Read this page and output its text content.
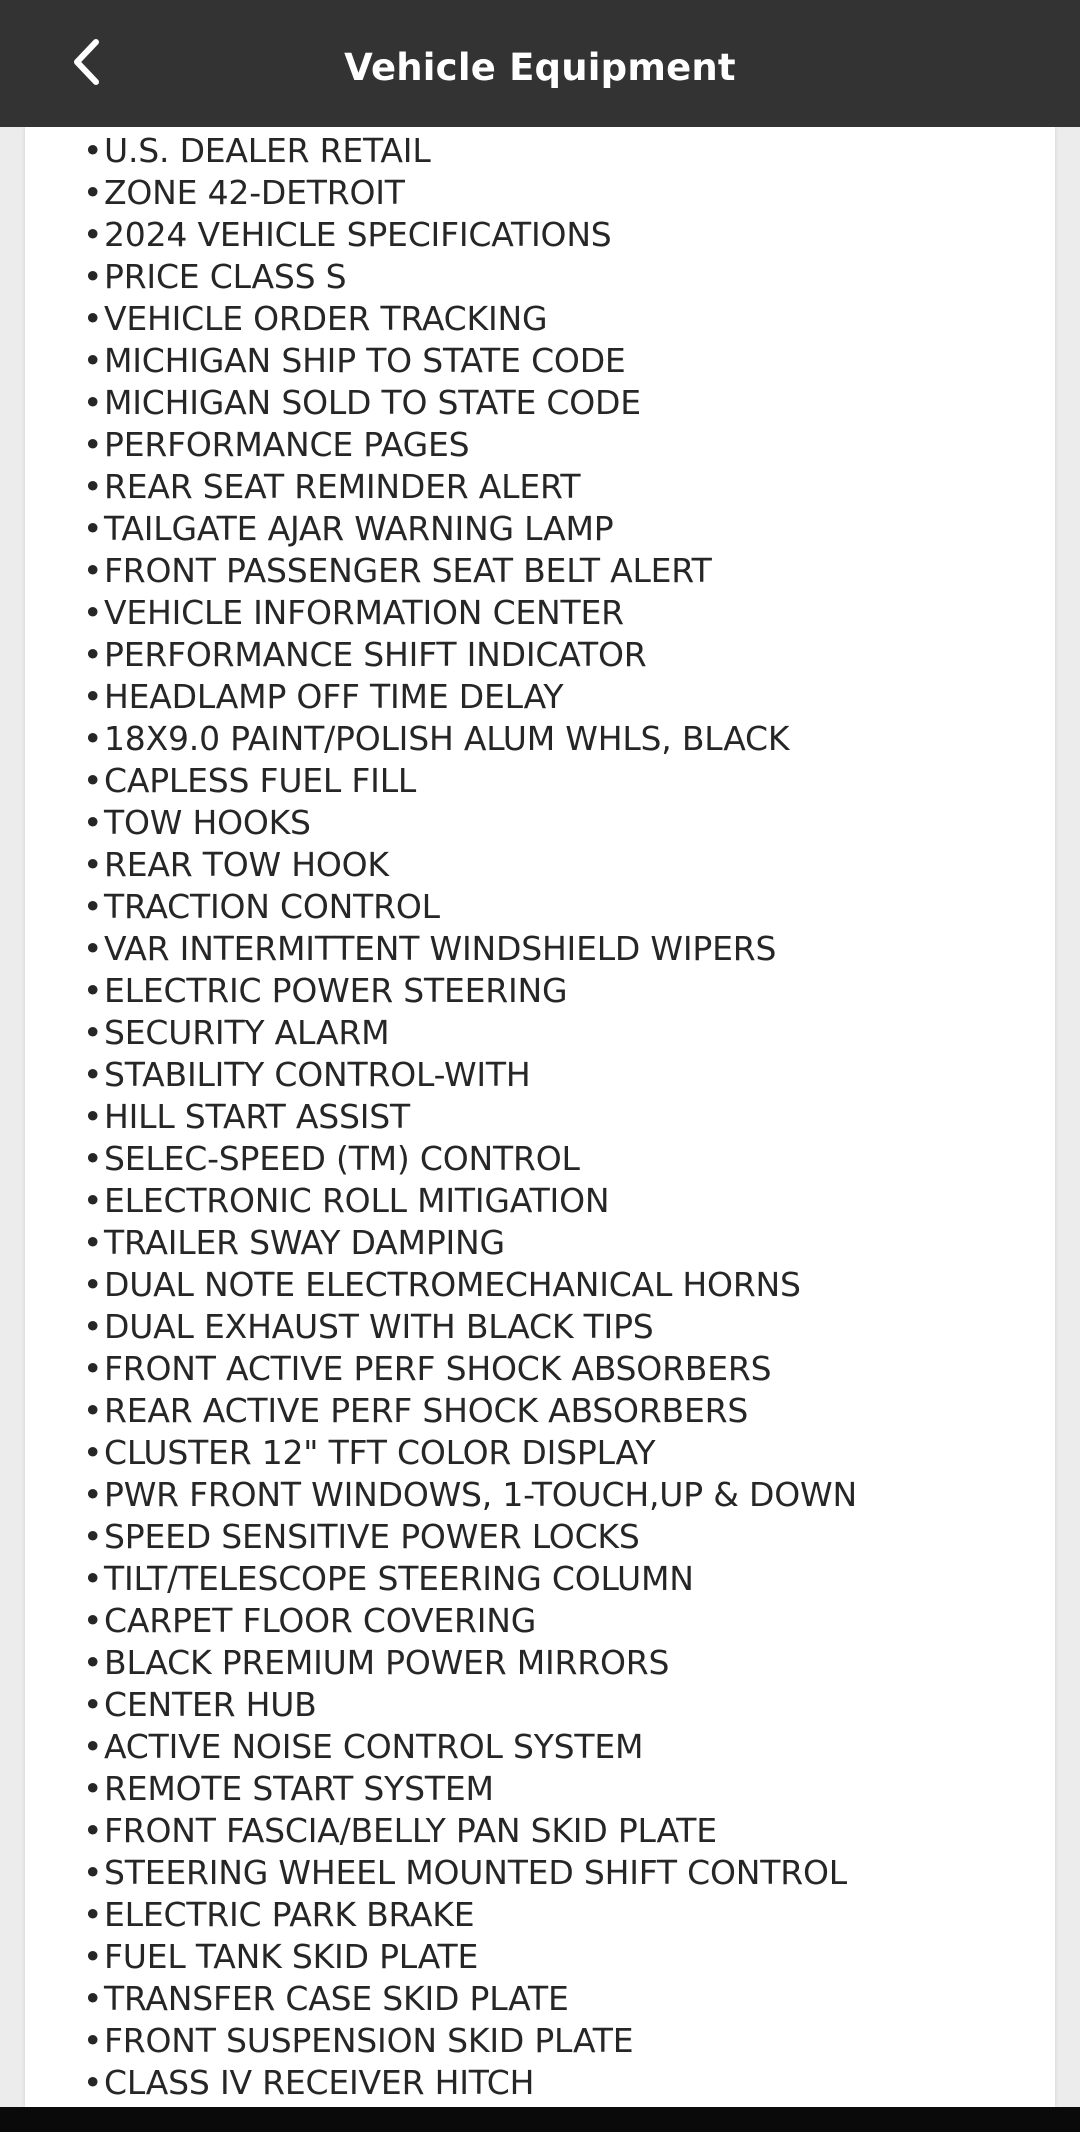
Vehicle Equipment
•U.S. DEALER RETAIL
•ZONE 42-DETROIT
•2024 VEHICLE SPECIFICATIONS
•PRICE CLASS S
•VEHICLE ORDER TRACKING
•MICHIGAN SHIP TO STATE CODE
•MICHIGAN SOLD TO STATE CODE
•PERFORMANCE PAGES
•REAR SEAT REMINDER ALERT
•TAILGATE AJAR WARNING LAMP
•FRONT PASSENGER SEAT BELT ALERT
•VEHICLE INFORMATION CENTER
•PERFORMANCE SHIFT INDICATOR
•HEADLAMP OFF TIME DELAY
•18X9.0 PAINT/POLISH ALUM WHLS, BLACK
•CAPLESS FUEL FILL
•TOW HOOKS
•REAR TOW HOOK
•TRACTION CONTROL
•VAR INTERMITTENT WINDSHIELD WIPERS
•ELECTRIC POWER STEERING
•SECURITY ALARM
•STABILITY CONTROL-WITH
•HILL START ASSIST
•SELEC-SPEED (TM) CONTROL
•ELECTRONIC ROLL MITIGATION
•TRAILER SWAY DAMPING
•DUAL NOTE ELECTROMECHANICAL HORNS
•DUAL EXHAUST WITH BLACK TIPS
•FRONT ACTIVE PERF SHOCK ABSORBERS
•REAR ACTIVE PERF SHOCK ABSORBERS
•CLUSTER 12" TFT COLOR DISPLAY
•PWR FRONT WINDOWS, 1-TOUCH,UP & DOWN
•SPEED SENSITIVE POWER LOCKS
•TILT/TELESCOPE STEERING COLUMN
•CARPET FLOOR COVERING
•BLACK PREMIUM POWER MIRRORS
•CENTER HUB
•ACTIVE NOISE CONTROL SYSTEM
•REMOTE START SYSTEM
•FRONT FASCIA/BELLY PAN SKID PLATE
•STEERING WHEEL MOUNTED SHIFT CONTROL
•ELECTRIC PARK BRAKE
•FUEL TANK SKID PLATE
•TRANSFER CASE SKID PLATE
•FRONT SUSPENSION SKID PLATE
•CLASS IV RECEIVER HITCH
